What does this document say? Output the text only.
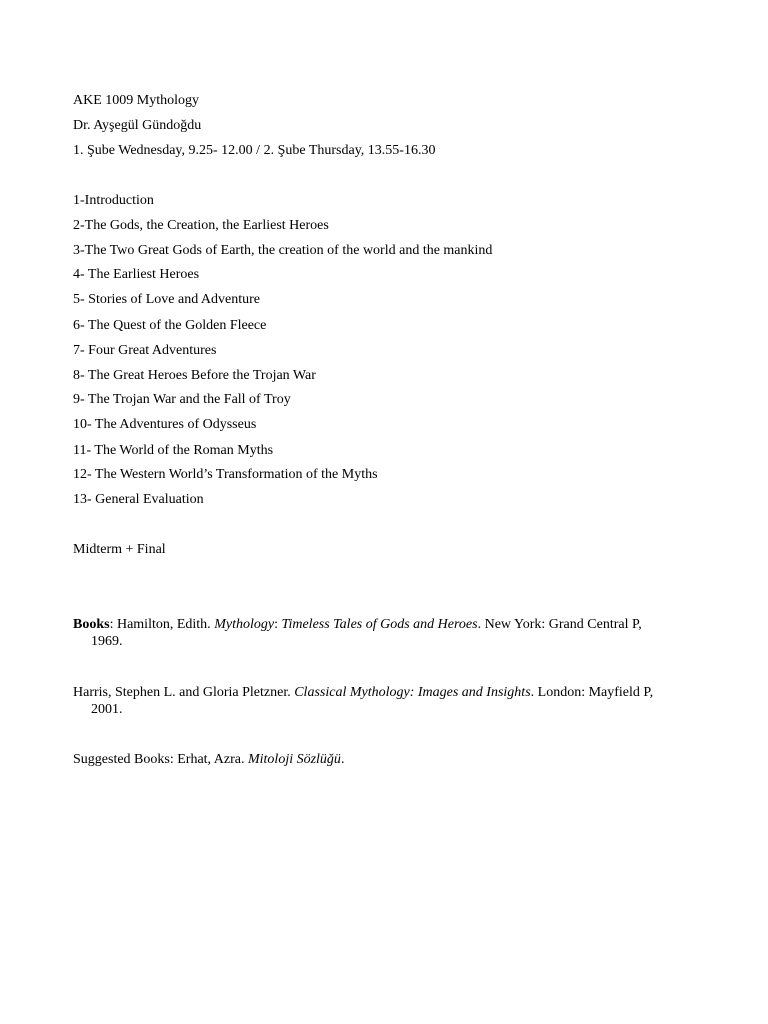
AKE 1009 Mythology
Dr. Ayşegül Gündoğdu
1. Şube Wednesday, 9.25- 12.00 / 2. Şube Thursday, 13.55-16.30
1-Introduction
2-The Gods, the Creation, the Earliest Heroes
3-The Two Great Gods of Earth, the creation of the world and the mankind
4- The Earliest Heroes
5- Stories of Love and Adventure
6- The Quest of the Golden Fleece
7- Four Great Adventures
8- The Great Heroes Before the Trojan War
9- The Trojan War and the Fall of Troy
10- The Adventures of Odysseus
11- The World of the Roman Myths
12- The Western World’s Transformation of the Myths
13- General Evaluation
Midterm + Final
Books: Hamilton, Edith. Mythology: Timeless Tales of Gods and Heroes. New York: Grand Central P,
1969.
Harris, Stephen L. and Gloria Pletzner. Classical Mythology: Images and Insights. London: Mayfield P,
2001.
Suggested Books: Erhat, Azra. Mitoloji Sözlüğü.
